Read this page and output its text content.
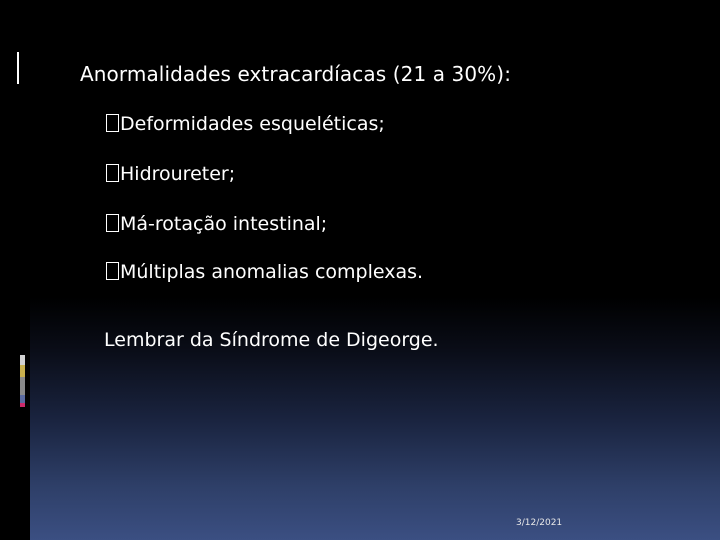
Anormalidades extracardíacas (21 a 30%):
Deformidades esqueléticas;
Hidroureter;
Má-rotação intestinal;
Múltiplas anomalias complexas.
Lembrar da Síndrome de Digeorge.
3/12/2021
